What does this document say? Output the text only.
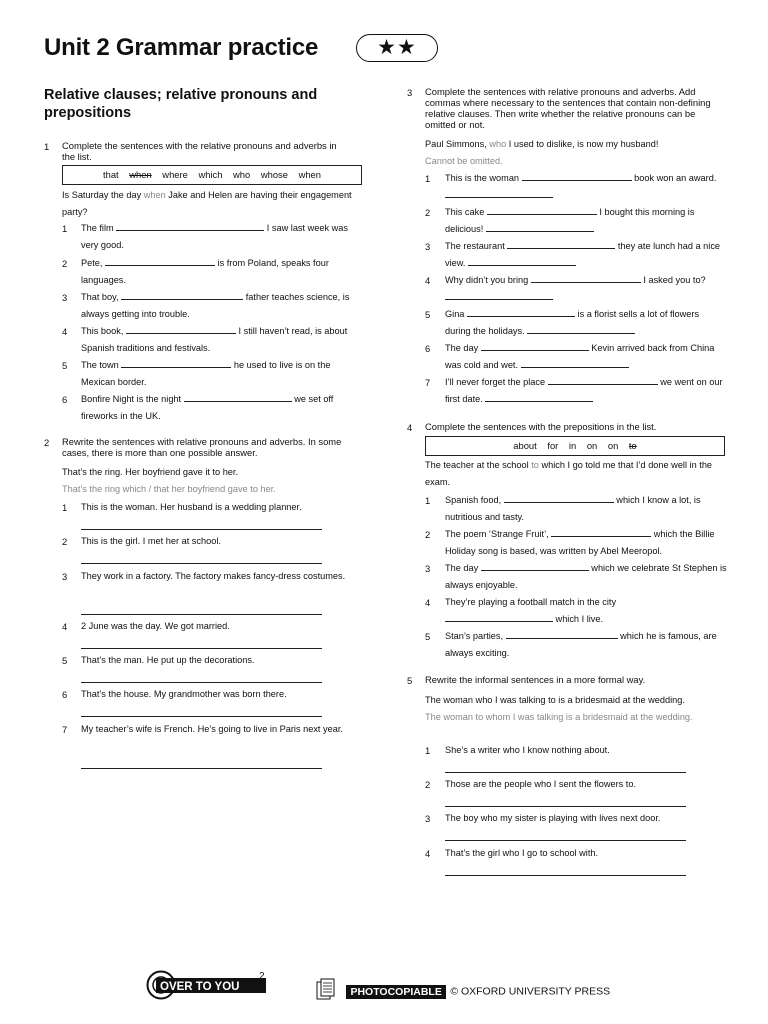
Unit 2 Grammar practice	★★
Relative clauses; relative pronouns and prepositions
1 Complete the sentences with the relative pronouns and adverbs in the list.
that when where which who whose when
Is Saturday the day when Jake and Helen are having their engagement party?
1 The film	I saw last week was very good.
2 Pete,	is from Poland, speaks four languages.
3 That boy,	father teaches science, is always getting into trouble.
4 This book,	I still haven’t read, is about Spanish traditions and festivals.
5 The town	he used to live is on the Mexican border.
6 Bonfire Night is the night	we set off fireworks in the UK.
2 Rewrite the sentences with relative pronouns and adverbs. In some cases, there is more than one possible answer.
That’s the ring. Her boyfriend gave it to her.
That’s the ring which / that her boyfriend gave to her.
1 This is the woman. Her husband is a wedding planner.
2 This is the girl. I met her at school.
3 They work in a factory. The factory makes fancy-dress costumes.
4 2 June was the day. We got married.
5 That’s the man. He put up the decorations.
6 That’s the house. My grandmother was born there.
7 My teacher’s wife is French. He’s going to live in Paris next year.
3 Complete the sentences with relative pronouns and adverbs. Add commas where necessary to the sentences that contain non-defining relative clauses. Then write whether the relative pronouns can be omitted or not.
Paul Simmons, who I used to dislike, is now my husband!
Cannot be omitted.
1 This is the woman	book won an award.
2 This cake	I bought this morning is delicious!
3 The restaurant	they ate lunch had a nice view.
4 Why didn’t you bring	I asked you to?

5 Gina	is a florist sells a lot of flowers during the holidays.
6 The day	Kevin arrived back from China was cold and wet.
7 I’ll never forget the place	we went on our first date.
4 Complete the sentences with the prepositions in the list.
about for in on on to
The teacher at the school to which I go told me that I’d done well in the exam.
1 Spanish food,	which I know a lot, is nutritious and tasty.
2 The poem ‘Strange Fruit’,	which the Billie Holiday song is based, was written by Abel Meeropol.
3 The day	which we celebrate St Stephen is always enjoyable.
4 They’re playing a football match in the city
which I live.
5 Stan’s parties,	which he is famous, are always exciting.
5 Rewrite the informal sentences in a more formal way.
The woman who I was talking to is a bridesmaid at the wedding.
The woman to whom I was talking is a bridesmaid at the wedding.
1 She’s a writer who I know nothing about.
2 Those are the people who I sent the flowers to.
3 The boy who my sister is playing with lives next door.
4 That’s the girl who I go to school with.
OVER TO YOU
2
PHOTOCOPIABLE © OXFORD UNIVERSITY PRESS
